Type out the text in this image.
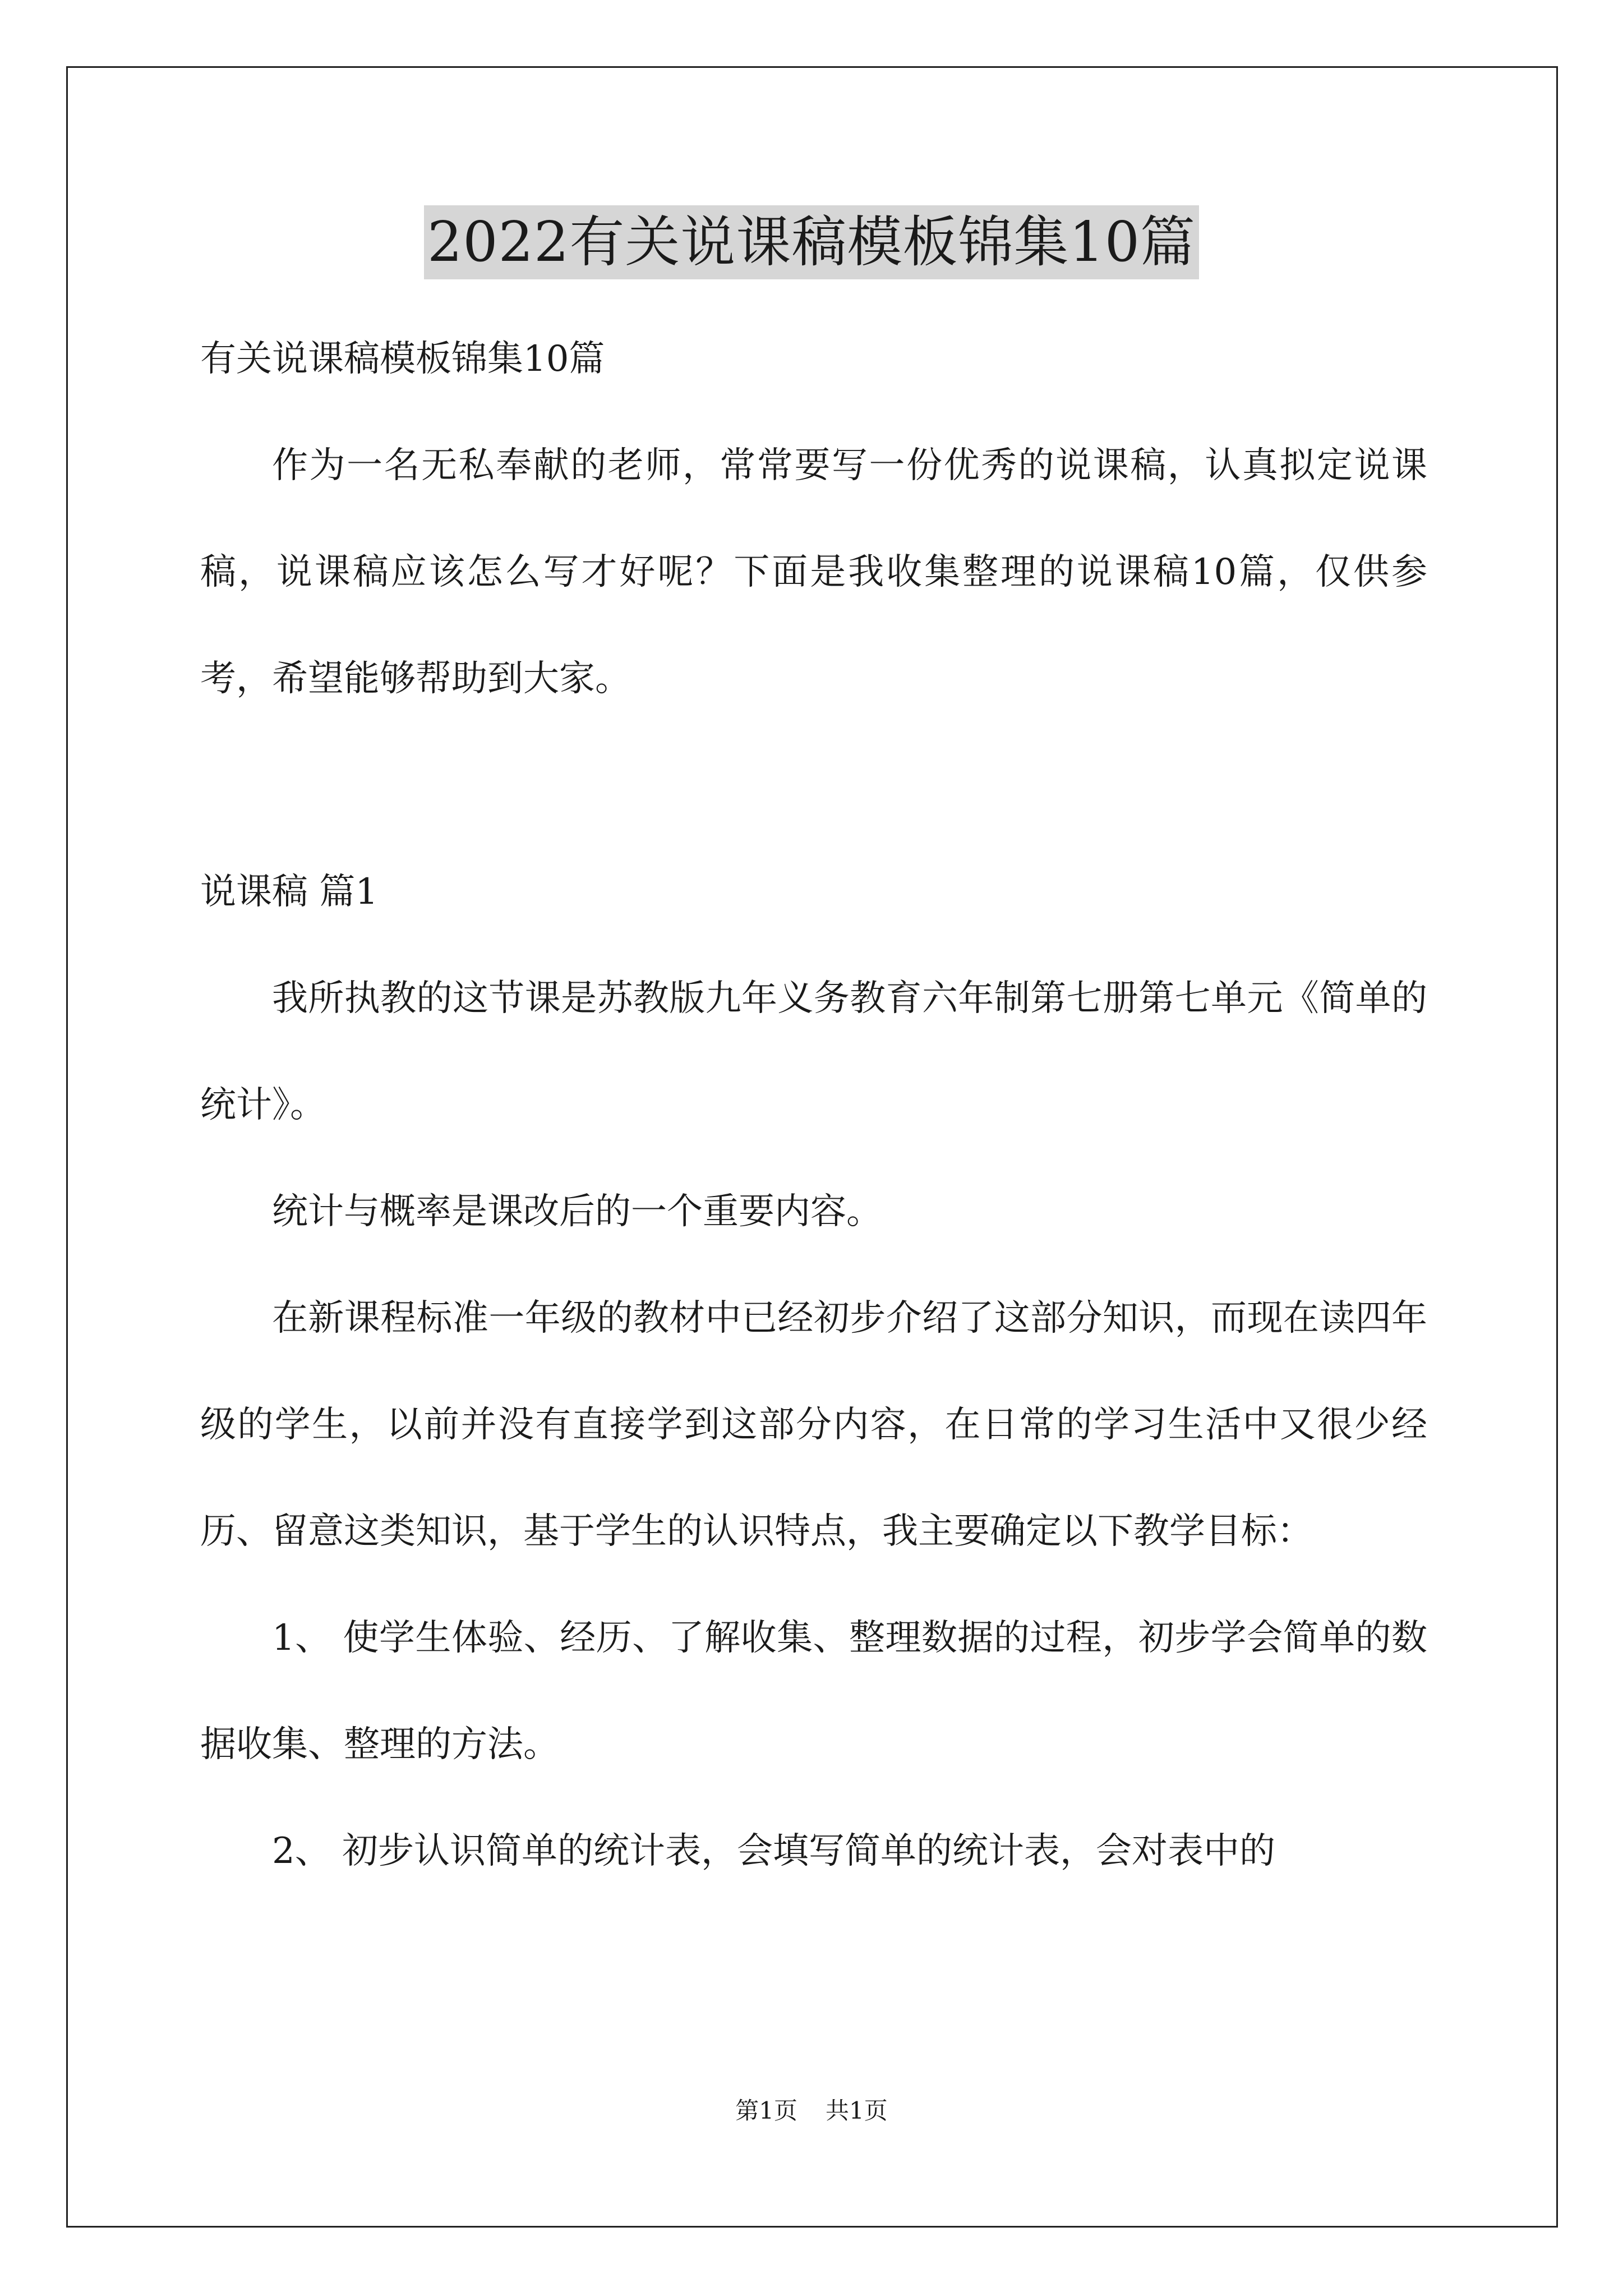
2022有关说课稿模板锦集10篇
有关说课稿模板锦集10篇

作为一名无私奉献的老师，常常要写一份优秀的说课稿，认真拟定说课稿，说课稿应该怎么写才好呢？下面是我收集整理的说课稿10篇，仅供参考，希望能够帮助到大家。

说课稿 篇1

我所执教的这节课是苏教版九年义务教育六年制第七册第七单元《简单的统计》。

统计与概率是课改后的一个重要内容。

在新课程标准一年级的教材中已经初步介绍了这部分知识，而现在读四年级的学生，以前并没有直接学到这部分内容，在日常的学习生活中又很少经历、留意这类知识，基于学生的认识特点，我主要确定以下教学目标：

1、 使学生体验、经历、了解收集、整理数据的过程，初步学会简单的数据收集、整理的方法。

2、 初步认识简单的统计表，会填写简单的统计表，会对表中的

第1页 共1页
